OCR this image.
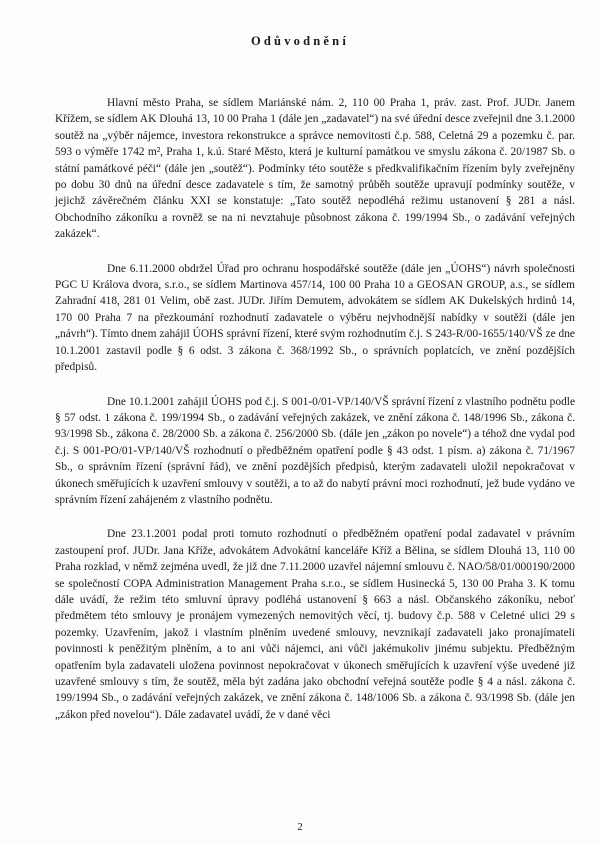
Odůvodnění

Hlavní město Praha, se sídlem Mariánské nám. 2, 110 00 Praha 1, práv. zast. Prof. JUDr. Janem Křížem, se sídlem AK Dlouhá 13, 10 00 Praha 1 (dále jen „zadavatel“) na své úřední desce zveřejnil dne 3.1.2000 soutěž na „výběr nájemce, investora rekonstrukce a správce nemovitosti č.p. 588, Celetná 29 a pozemku č. par. 593 o výměře 1742 m², Praha 1, k.ú. Staré Město, která je kulturní památkou ve smyslu zákona č. 20/1987 Sb. o státní památkové péči“ (dále jen „soutěž“). Podmínky této soutěže s předkvalifikačním řízením byly zveřejněny po dobu 30 dnů na úřední desce zadavatele s tím, že samotný průběh soutěže upravují podmínky soutěže, v jejichž závěrečném článku XXI se konstatuje: „Tato soutěž nepodléhá režimu ustanovení § 281 a násl. Obchodního zákoníku a rovněž se na ni nevztahuje působnost zákona č. 199/1994 Sb., o zadávání veřejných zakázek“.

Dne 6.11.2000 obdržel Úřad pro ochranu hospodářské soutěže (dále jen „ÚOHS“) návrh společnosti PGC U Králova dvora, s.r.o., se sídlem Martinova 457/14, 100 00 Praha 10 a GEOSAN GROUP, a.s., se sídlem Zahradní 418, 281 01 Velim, obě zast. JUDr. Jiřím Demutem, advokátem se sídlem AK Dukelských hrdinů 14, 170 00 Praha 7 na přezkoumání rozhodnutí zadavatele o výběru nejvhodnější nabídky v soutěži (dále jen „návrh“). Tímto dnem zahájil ÚOHS správní řízení, které svým rozhodnutím č.j. S 243-R/00-1655/140/VŠ ze dne 10.1.2001 zastavil podle § 6 odst. 3 zákona č. 368/1992 Sb., o správních poplatcích, ve znění pozdějších předpisů.

Dne 10.1.2001 zahájil ÚOHS pod č.j. S 001-0/01-VP/140/VŠ správní řízení z vlastního podnětu podle § 57 odst. 1 zákona č. 199/1994 Sb., o zadávání veřejných zakázek, ve znění zákona č. 148/1996 Sb., zákona č. 93/1998 Sb., zákona č. 28/2000 Sb. a zákona č. 256/2000 Sb. (dále jen „zákon po novele“) a téhož dne vydal pod č.j. S 001-PO/01-VP/140/VŠ rozhodnutí o předběžném opatření podle § 43 odst. 1 písm. a) zákona č. 71/1967 Sb., o správním řízení (správní řád), ve znění pozdějších předpisů, kterým zadavateli uložil nepokračovat v úkonech směřujících k uzavření smlouvy v soutěži, a to až do nabytí právní moci rozhodnutí, jež bude vydáno ve správním řízení zahájeném z vlastního podnětu.

Dne 23.1.2001 podal proti tomuto rozhodnutí o předběžném opatření podal zadavatel v právním zastoupení prof. JUDr. Jana Kříže, advokátem Advokátní kanceláře Kříž a Bělina, se sídlem Dlouhá 13, 110 00 Praha rozklad, v němž zejména uvedl, že již dne 7.11.2000 uzavřel nájemní smlouvu č. NAO/58/01/000190/2000 se společností COPA Administration Management Praha s.r.o., se sídlem Husinecká 5, 130 00 Praha 3. K tomu dále uvádí, že režim této smluvní úpravy podléhá ustanovení § 663 a násl. Občanského zákoníku, neboť předmětem této smlouvy je pronájem vymezených nemovitých věcí, tj. budovy č.p. 588 v Celetné ulici 29 s pozemky. Uzavřením, jakož i vlastním plněním uvedené smlouvy, nevznikají zadavateli jako pronajímateli povinnosti k peněžitým plněním, a to ani vůči nájemci, ani vůči jakémukoliv jinému subjektu. Předběžným opatřením byla zadavateli uložena povinnost nepokračovat v úkonech směřujících k uzavření výše uvedené již uzavřené smlouvy s tím, že soutěž, měla být zadána jako obchodní veřejná soutěže podle § 4 a násl. zákona č. 199/1994 Sb., o zadávání veřejných zakázek, ve znění zákona č. 148/1006 Sb. a zákona č. 93/1998 Sb. (dále jen „zákon před novelou“). Dále zadavatel uvádí, že v dané věci

2
